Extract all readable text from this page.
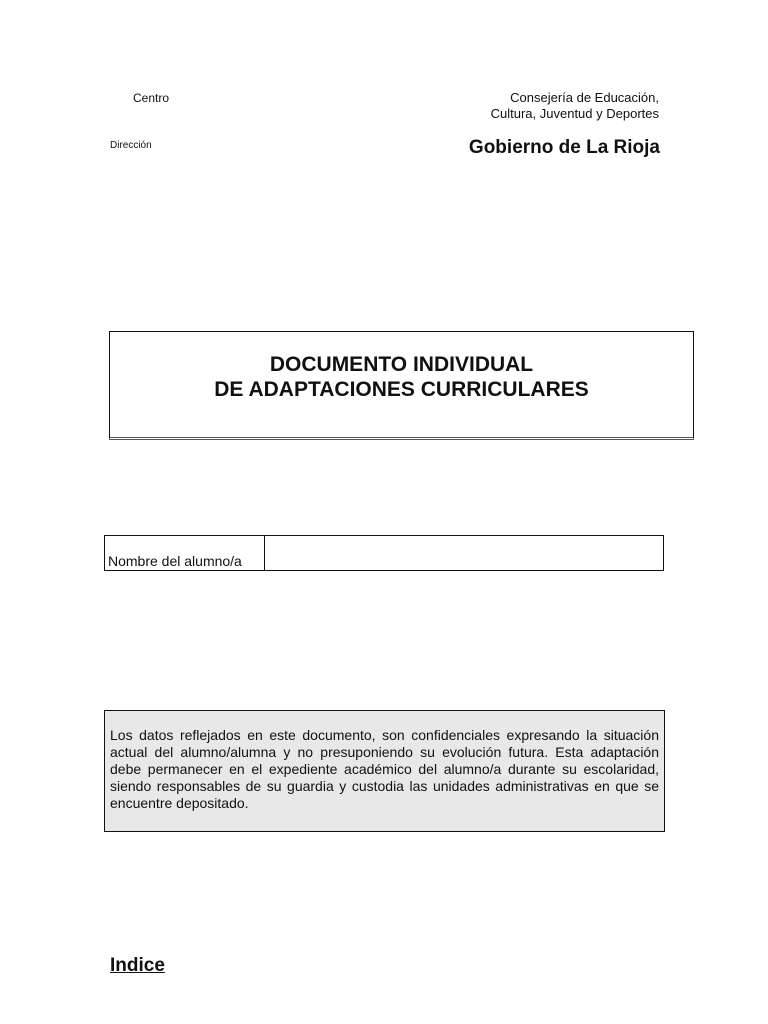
Centro
Dirección
Consejería de Educación,
Cultura, Juventud y Deportes
Gobierno de La Rioja
DOCUMENTO INDIVIDUAL
DE ADAPTACIONES CURRICULARES
Nombre del alumno/a
Los datos reflejados en este documento, son confidenciales expresando la situación actual del alumno/alumna y no presuponiendo su evolución futura. Esta adaptación debe permanecer en el expediente académico del alumno/a durante su escolaridad, siendo responsables de su guardia y custodia las unidades administrativas en que se encuentre depositado.
Indice
